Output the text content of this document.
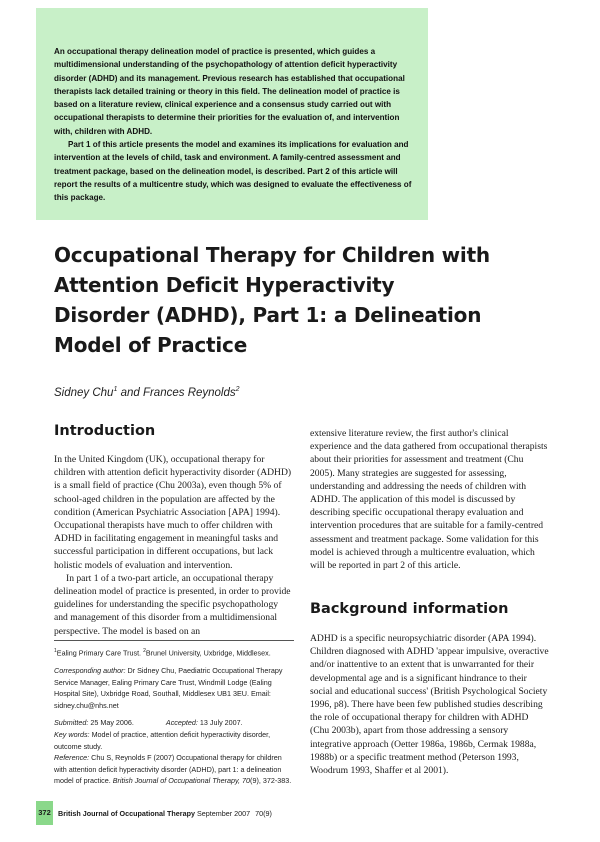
An occupational therapy delineation model of practice is presented, which guides a multidimensional understanding of the psychopathology of attention deficit hyperactivity disorder (ADHD) and its management. Previous research has established that occupational therapists lack detailed training or theory in this field. The delineation model of practice is based on a literature review, clinical experience and a consensus study carried out with occupational therapists to determine their priorities for the evaluation of, and intervention with, children with ADHD.

Part 1 of this article presents the model and examines its implications for evaluation and intervention at the levels of child, task and environment. A family-centred assessment and treatment package, based on the delineation model, is described. Part 2 of this article will report the results of a multicentre study, which was designed to evaluate the effectiveness of this package.

Occupational Therapy for Children with Attention Deficit Hyperactivity Disorder (ADHD), Part 1: a Delineation Model of Practice
Sidney Chu$^1$ and Frances Reynolds$^2$
Introduction

In the United Kingdom (UK), occupational therapy for children with attention deficit hyperactivity disorder (ADHD) is a small field of practice (Chu 2003a), even though 5% of school-aged children in the population are affected by the condition (American Psychiatric Association [APA] 1994). Occupational therapists have much to offer children with ADHD in facilitating engagement in meaningful tasks and successful participation in different occupations, but lack holistic models of evaluation and intervention.

In part 1 of a two-part article, an occupational therapy delineation model of practice is presented, in order to provide guidelines for understanding the specific psychopathology and management of this disorder from a multidimensional perspective. The model is based on an

$^1$Ealing Primary Care Trust. $^2$Brunel University, Uxbridge, Middlesex.

Corresponding author: Dr Sidney Chu, Paediatric Occupational Therapy Service Manager, Ealing Primary Care Trust, Windmill Lodge (Ealing Hospital Site), Uxbridge Road, Southall, Middlesex UB1 3EU. Email: sidney.chu@nhs.net

Submitted: 25 May 2006.	Accepted: 13 July 2007.

Key words: Model of practice, attention deficit hyperactivity disorder, outcome study.

Reference: Chu S, Reynolds F (2007) Occupational therapy for children with attention deficit hyperactivity disorder (ADHD), part 1: a delineation model of practice. British Journal of Occupational Therapy, 70(9), 372-383.

extensive literature review, the first author's clinical experience and the data gathered from occupational therapists about their priorities for assessment and treatment (Chu 2005). Many strategies are suggested for assessing, understanding and addressing the needs of children with ADHD. The application of this model is discussed by describing specific occupational therapy evaluation and intervention procedures that are suitable for a family-centred assessment and treatment package. Some validation for this model is achieved through a multicentre evaluation, which will be reported in part 2 of this article.

Background information

ADHD is a specific neuropsychiatric disorder (APA 1994). Children diagnosed with ADHD 'appear impulsive, overactive and/or inattentive to an extent that is unwarranted for their developmental age and is a significant hindrance to their social and educational success' (British Psychological Society 1996, p8). There have been few published studies describing the role of occupational therapy for children with ADHD (Chu 2003b), apart from those addressing a sensory integrative approach (Oetter 1986a, 1986b, Cermak 1988a, 1988b) or a specific treatment method (Peterson 1993, Woodrum 1993, Shaffer et al 2001).

372	British Journal of Occupational Therapy September 2007 70(9)
